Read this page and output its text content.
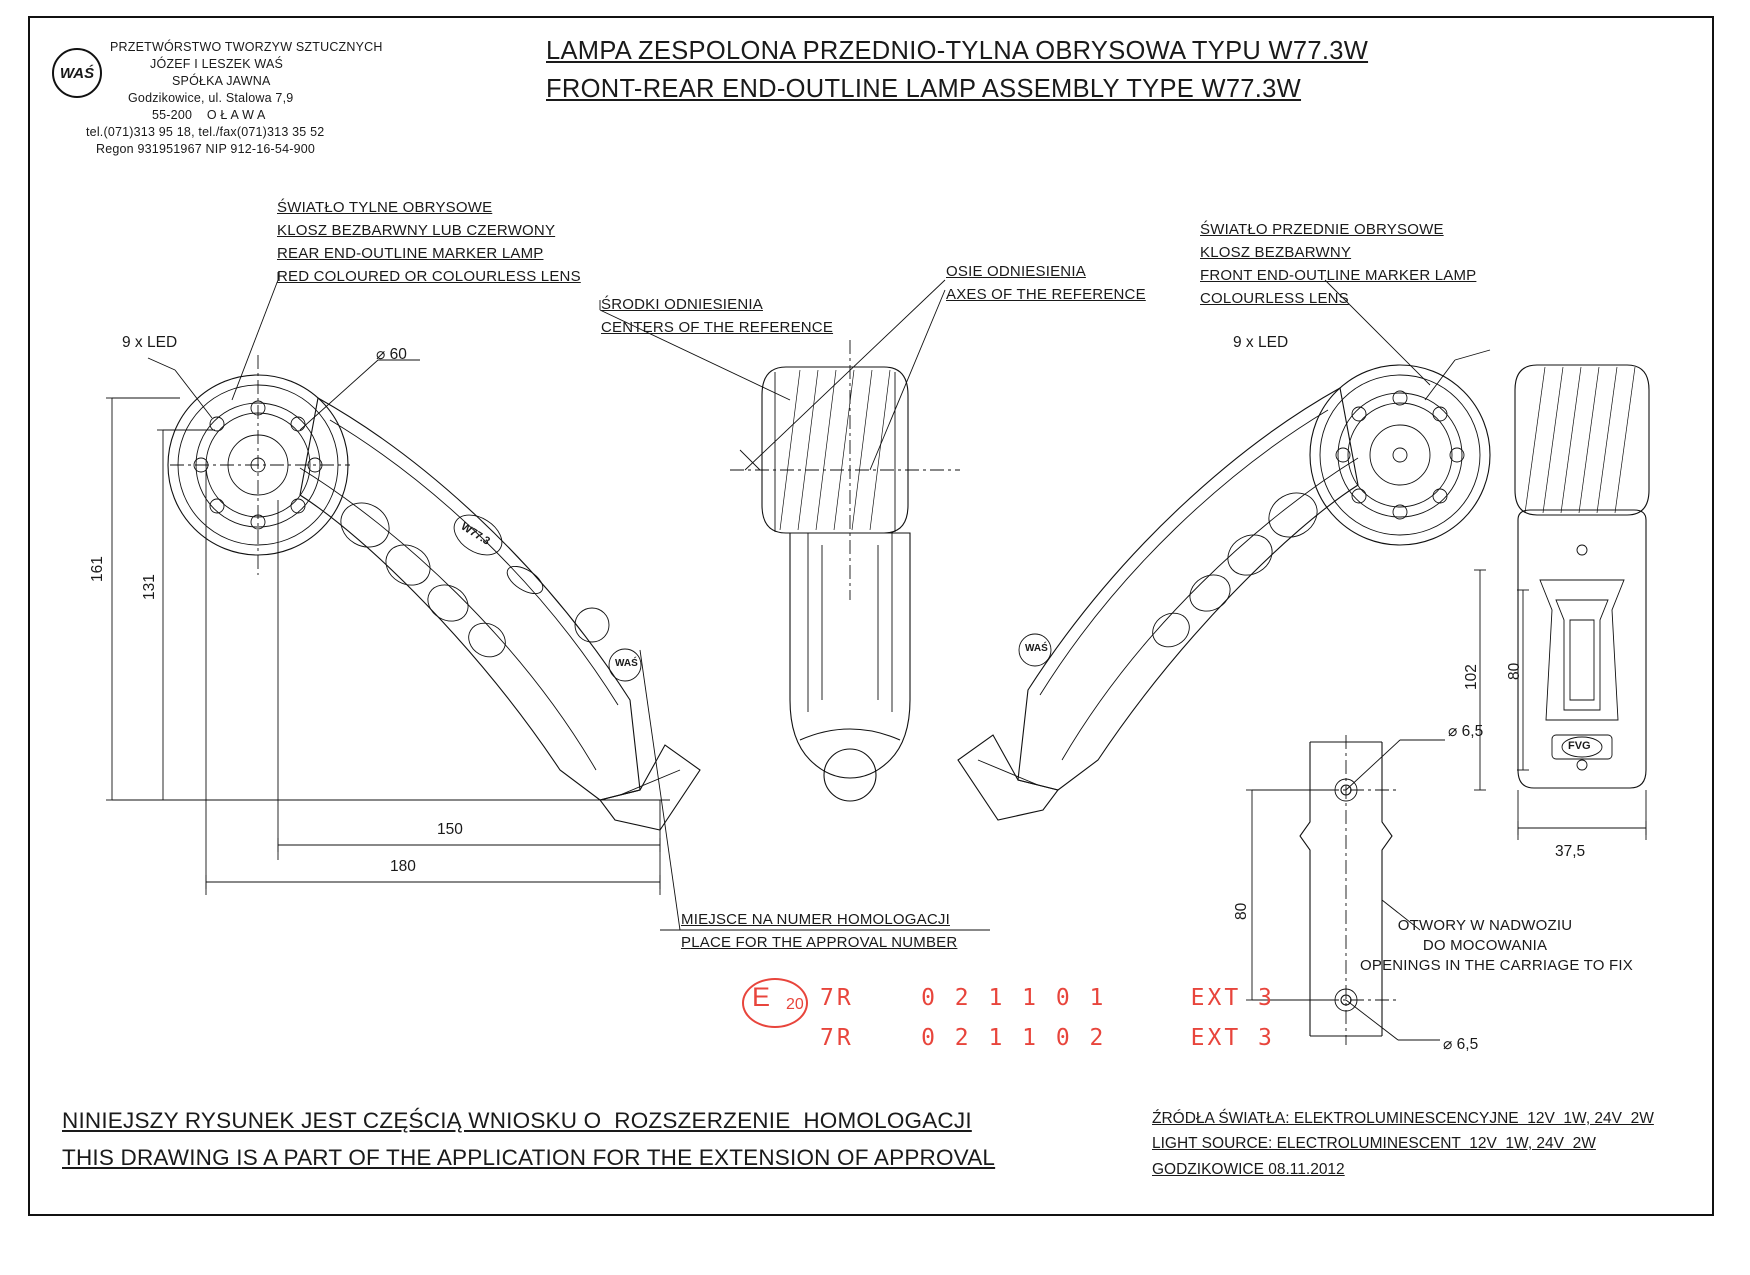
WAŚ
PRZETWÓRSTWO TWORZYW SZTUCZNYCH
JÓZEF I LESZEK WAŚ
SPÓŁKA JAWNA
Godzikowice, ul. Stalowa 7,9
55-200    O Ł A W A
tel.(071)313 95 18, tel./fax(071)313 35 52
Regon 931951967 NIP 912-16-54-900
LAMPA ZESPOLONA PRZEDNIO-TYLNA OBRYSOWA TYPU W77.3W
FRONT-REAR END-OUTLINE LAMP ASSEMBLY TYPE W77.3W
ŚWIATŁO TYLNE OBRYSOWE
KLOSZ BEZBARWNY LUB CZERWONY
REAR END-OUTLINE MARKER LAMP
RED COLOURED OR COLOURLESS LENS
ŚRODKI ODNIESIENIA
CENTERS OF THE REFERENCE
OSIE ODNIESIENIA
AXES OF THE REFERENCE
ŚWIATŁO PRZEDNIE OBRYSOWE
KLOSZ BEZBARWNY
FRONT END-OUTLINE MARKER LAMP
COLOURLESS LENS
9 x LED	9 x LED
⌀ 60
161
131
150
180
102 80
37,5
⌀ 6,5
⌀ 6,5
80
W77.3
WAŚ
WAŚ
FVG
MIEJSCE NA NUMER HOMOLOGACJI
PLACE FOR THE APPROVAL NUMBER
OTWORY W NADWOZIU
DO MOCOWANIA
OPENINGS IN THE CARRIAGE TO FIX
E 20 7R    0 2 1 1 0 1     EXT 3
7R    0 2 1 1 0 2     EXT 3
NINIEJSZY RYSUNEK JEST CZĘŚCIĄ WNIOSKU O  ROZSZERZENIE  HOMOLOGACJI
THIS DRAWING IS A PART OF THE APPLICATION FOR THE EXTENSION OF APPROVAL
ŹRÓDŁA ŚWIATŁA: ELEKTROLUMINESCENCYJNE  12V  1W, 24V  2W
LIGHT SOURCE: ELECTROLUMINESCENT  12V  1W, 24V  2W
GODZIKOWICE 08.11.2012
